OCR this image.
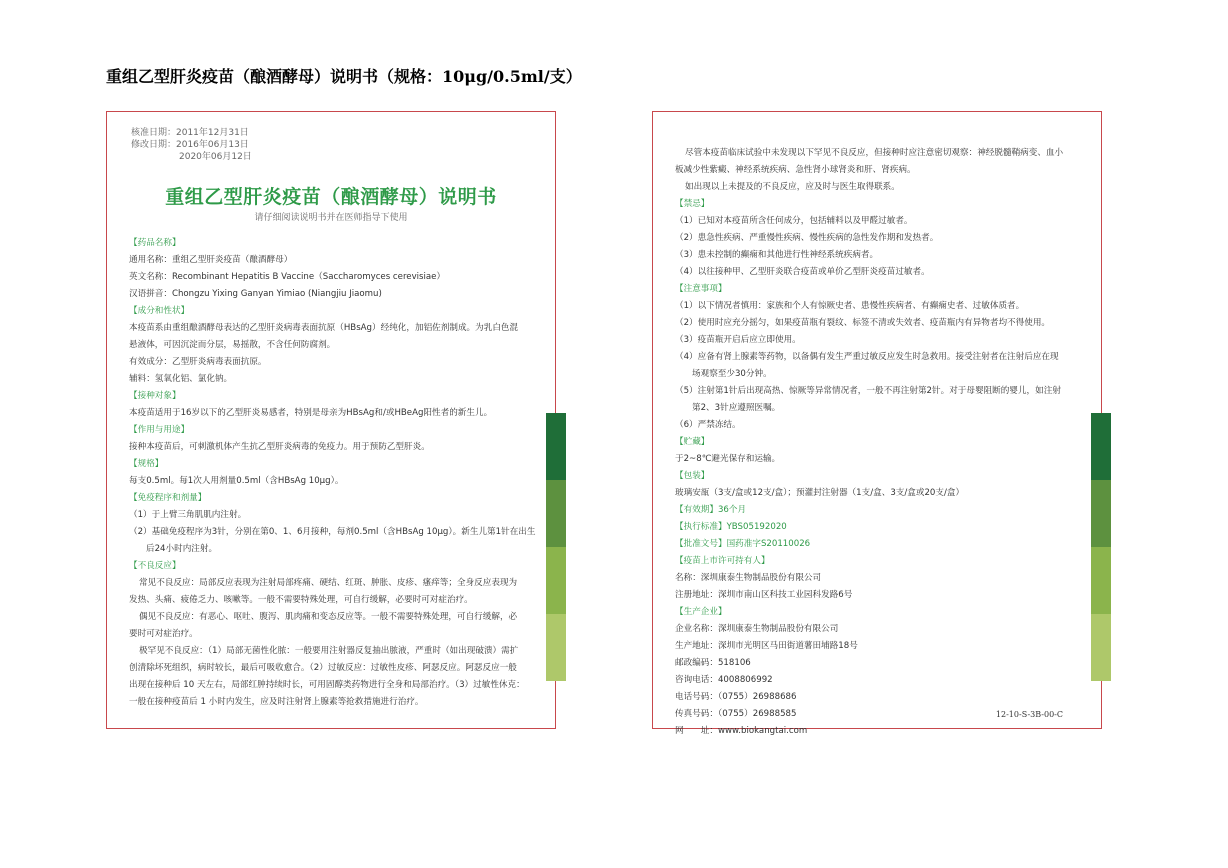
重组乙型肝炎疫苗（酿酒酵母）说明书（规格：10μg/0.5ml/支）
核准日期：2011年12月31日
修改日期：2016年06月13日
2020年06月12日
重组乙型肝炎疫苗（酿酒酵母）说明书
请仔细阅读说明书并在医师指导下使用
【药品名称】
通用名称：重组乙型肝炎疫苗（酿酒酵母）
英文名称：Recombinant Hepatitis B Vaccine（Saccharomyces cerevisiae）
汉语拼音：Chongzu Yixing Ganyan Yimiao (Niangjiu Jiaomu)
【成分和性状】
本疫苗系由重组酿酒酵母表达的乙型肝炎病毒表面抗原（HBsAg）经纯化，加铝佐剂制成。为乳白色混
悬液体，可因沉淀而分层，易摇散，不含任何防腐剂。
有效成分：乙型肝炎病毒表面抗原。
辅料：氢氧化铝、氯化钠。
【接种对象】
本疫苗适用于16岁以下的乙型肝炎易感者，特别是母亲为HBsAg和/或HBeAg阳性者的新生儿。
【作用与用途】
接种本疫苗后，可刺激机体产生抗乙型肝炎病毒的免疫力。用于预防乙型肝炎。
【规格】
每支0.5ml。每1次人用剂量0.5ml（含HBsAg 10μg）。
【免疫程序和剂量】
（1）于上臂三角肌肌内注射。
（2）基础免疫程序为3针，分别在第0、1、6月接种，每剂0.5ml（含HBsAg 10μg）。新生儿第1针在出生
后24小时内注射。
【不良反应】
常见不良反应：局部反应表现为注射局部疼痛、硬结、红斑、肿胀、皮疹、瘙痒等；全身反应表现为
发热、头痛、疲倦乏力、咳嗽等。一般不需要特殊处理，可自行缓解，必要时可对症治疗。
偶见不良反应：有恶心、呕吐、腹泻、肌肉痛和变态反应等。一般不需要特殊处理，可自行缓解，必
要时可对症治疗。
极罕见不良反应：（1）局部无菌性化脓：一般要用注射器反复抽出脓液，严重时（如出现破溃）需扩
创清除坏死组织，病时较长，最后可吸收愈合。（2）过敏反应：过敏性皮疹、阿瑟反应。阿瑟反应一般
出现在接种后 10 天左右，局部红肿持续时长，可用固醇类药物进行全身和局部治疗。（3）过敏性休克：
一般在接种疫苗后 1 小时内发生，应及时注射肾上腺素等抢救措施进行治疗。
尽管本疫苗临床试验中未发现以下罕见不良反应，但接种时应注意密切观察：神经脱髓鞘病变、血小
板减少性紫癜、神经系统疾病、急性肾小球肾炎和肝、肾疾病。
如出现以上未提及的不良反应，应及时与医生取得联系。
【禁忌】
（1）已知对本疫苗所含任何成分，包括辅料以及甲醛过敏者。
（2）患急性疾病、严重慢性疾病、慢性疾病的急性发作期和发热者。
（3）患未控制的癫痫和其他进行性神经系统疾病者。
（4）以往接种甲、乙型肝炎联合疫苗或单价乙型肝炎疫苗过敏者。
【注意事项】
（1）以下情况者慎用：家族和个人有惊厥史者、患慢性疾病者、有癫痫史者、过敏体质者。
（2）使用时应充分摇匀，如果疫苗瓶有裂纹、标签不清或失效者、疫苗瓶内有异物者均不得使用。
（3）疫苗瓶开启后应立即使用。
（4）应备有肾上腺素等药物，以备偶有发生严重过敏反应发生时急救用。接受注射者在注射后应在现
场观察至少30分钟。
（5）注射第1针后出现高热、惊厥等异常情况者，一般不再注射第2针。对于母婴阻断的婴儿，如注射
第2、3针应遵照医嘱。
（6）严禁冻结。
【贮藏】
于2~8℃避光保存和运输。
【包装】
玻璃安瓿（3支/盒或12支/盒）；预灌封注射器（1支/盒、3支/盒或20支/盒）
【有效期】36个月
【执行标准】YBS05192020
【批准文号】国药准字S20110026
【疫苗上市许可持有人】
名称：深圳康泰生物制品股份有限公司
注册地址：深圳市南山区科技工业园科发路6号
【生产企业】
企业名称：深圳康泰生物制品股份有限公司
生产地址：深圳市光明区马田街道薯田埔路18号
邮政编码：518106
咨询电话：4008806992
电话号码：（0755）26988686
传真号码：（0755）26988585
网　　址：www.biokangtai.com
12-10-S-3B-00-C
